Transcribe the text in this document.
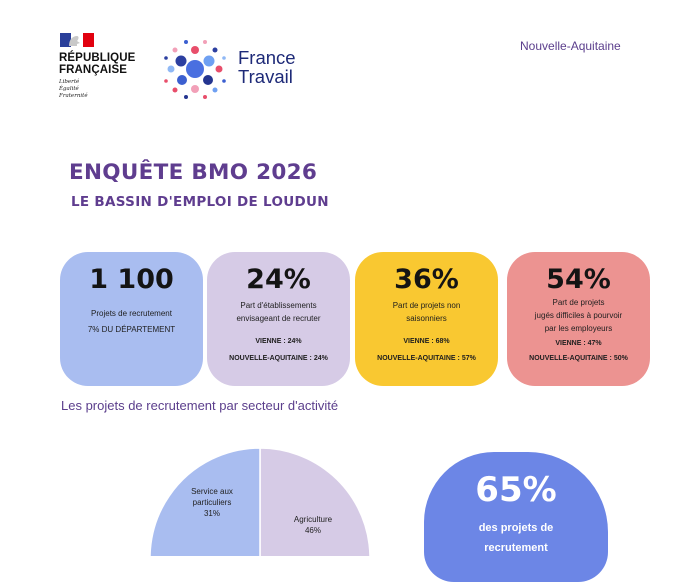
RÉPUBLIQUE
FRANÇAISE
Liberté
Égalité
Fraternité
France
Travail
Nouvelle-Aquitaine
ENQUÊTE BMO 2026
LE BASSIN D'EMPLOI DE LOUDUN
1 100
Projets de recrutement
7% DU DÉPARTEMENT
24%
Part d'établissements
envisageant de recruter
VIENNE : 24%
NOUVELLE-AQUITAINE : 24%
36%
Part de projets non
saisonniers
VIENNE : 68%
NOUVELLE-AQUITAINE : 57%
54%
Part de projets
jugés difficiles à pourvoir
par les employeurs
VIENNE : 47%
NOUVELLE-AQUITAINE : 50%
Les projets de recrutement par secteur d'activité
Service aux particuliers
31%
Agriculture
46%
65%
des projets de
recrutement
